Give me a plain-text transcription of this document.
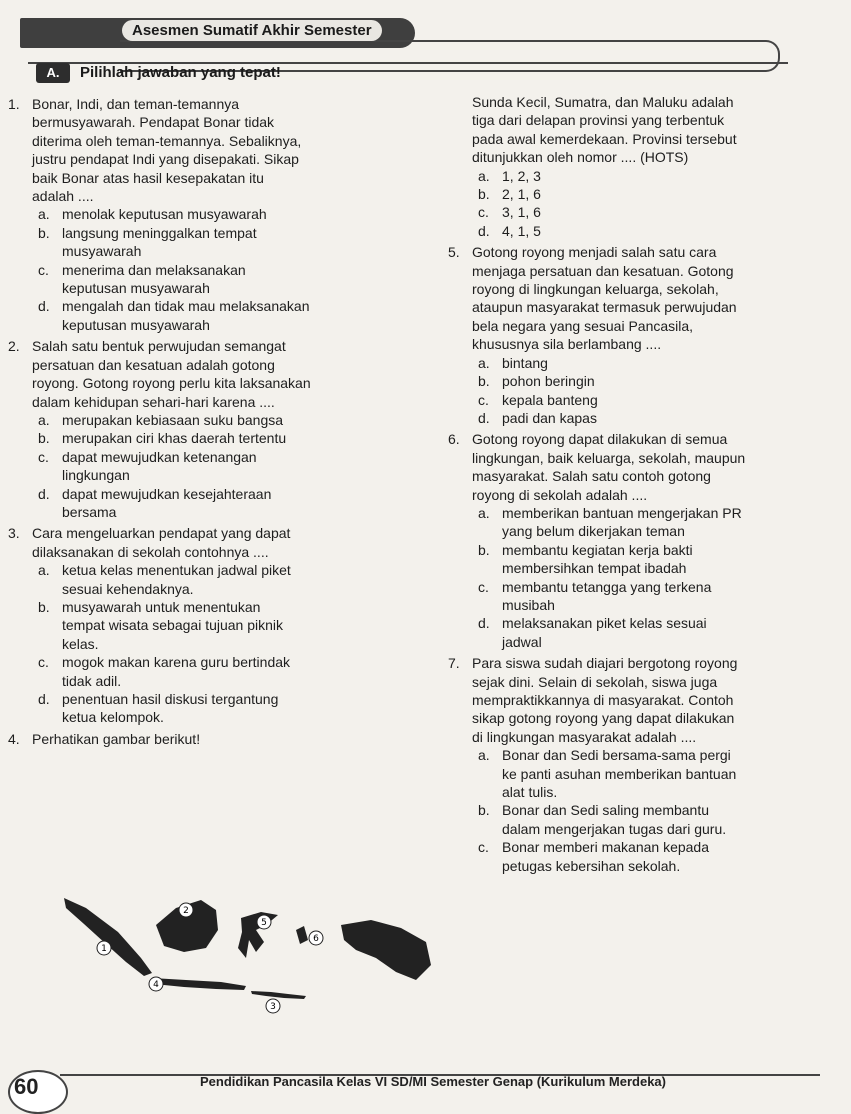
Asesmen Sumatif Akhir Semester
A.	Pilihlah jawaban yang tepat!
1. Bonar, Indi, dan teman-temannya
bermusyawarah. Pendapat Bonar tidak
diterima oleh teman-temannya. Sebaliknya,
justru pendapat Indi yang disepakati. Sikap
baik Bonar atas hasil kesepakatan itu
adalah ....
a. menolak keputusan musyawarah
b. langsung meninggalkan tempat
musyawarah
c. menerima dan melaksanakan
keputusan musyawarah
d. mengalah dan tidak mau melaksanakan
keputusan musyawarah
2. Salah satu bentuk perwujudan semangat
persatuan dan kesatuan adalah gotong
royong. Gotong royong perlu kita laksanakan
dalam kehidupan sehari-hari karena ....
a. merupakan kebiasaan suku bangsa
b. merupakan ciri khas daerah tertentu
c. dapat mewujudkan ketenangan
lingkungan
d. dapat mewujudkan kesejahteraan
bersama
3. Cara mengeluarkan pendapat yang dapat
dilaksanakan di sekolah contohnya ....
a. ketua kelas menentukan jadwal piket
sesuai kehendaknya.
b. musyawarah untuk menentukan
tempat wisata sebagai tujuan piknik
kelas.
c. mogok makan karena guru bertindak
tidak adil.
d. penentuan hasil diskusi tergantung
ketua kelompok.
4. Perhatikan gambar berikut!
Sunda Kecil, Sumatra, dan Maluku adalah
tiga dari delapan provinsi yang terbentuk
pada awal kemerdekaan. Provinsi tersebut
ditunjukkan oleh nomor .... (HOTS)
a. 1, 2, 3
b. 2, 1, 6
c. 3, 1, 6
d. 4, 1, 5
5. Gotong royong menjadi salah satu cara
menjaga persatuan dan kesatuan. Gotong
royong di lingkungan keluarga, sekolah,
ataupun masyarakat termasuk perwujudan
bela negara yang sesuai Pancasila,
khususnya sila berlambang ....
a. bintang
b. pohon beringin
c. kepala banteng
d. padi dan kapas
6. Gotong royong dapat dilakukan di semua
lingkungan, baik keluarga, sekolah, maupun
masyarakat. Salah satu contoh gotong
royong di sekolah adalah ....
a. memberikan bantuan mengerjakan PR
yang belum dikerjakan teman
b. membantu kegiatan kerja bakti
membersihkan tempat ibadah
c. membantu tetangga yang terkena
musibah
d. melaksanakan piket kelas sesuai
jadwal
7. Para siswa sudah diajari bergotong royong
sejak dini. Selain di sekolah, siswa juga
mempraktikkannya di masyarakat. Contoh
sikap gotong royong yang dapat dilakukan
di lingkungan masyarakat adalah ....
a. Bonar dan Sedi bersama-sama pergi
ke panti asuhan memberikan bantuan
alat tulis.
b. Bonar dan Sedi saling membantu
dalam mengerjakan tugas dari guru.
c. Bonar memberi makanan kepada
petugas kebersihan sekolah.
1
2
3
4
5
6
60	Pendidikan Pancasila Kelas VI SD/MI Semester Genap (Kurikulum Merdeka)
